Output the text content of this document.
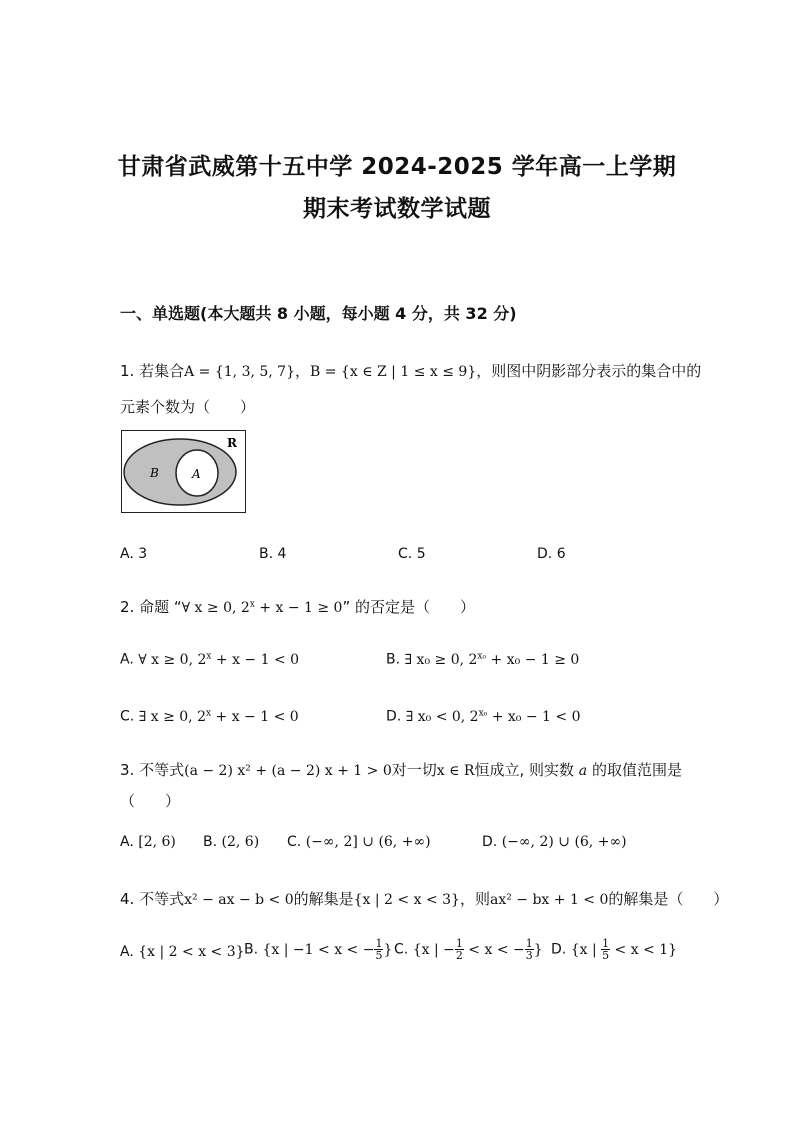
甘肃省武威第十五中学 2024-2025 学年高一上学期
期末考试数学试题
一、单选题(本大题共 8 小题，每小题 4 分，共 32 分)
1. 若集合A = {1, 3, 5, 7}，B = {x ∈ Z | 1 ≤ x ≤ 9}，则图中阴影部分表示的集合中的
元素个数为（　　）
R
B	A
A. 3	B. 4	C. 5	D. 6
2. 命题 “∀ x ≥ 0, $2^x + x - 1 \ge 0$” 的否定是（　　）
A. ∀ x ≥ 0, $2^x + x - 1 < 0$	B. ∃ x₀ ≥ 0, $2^{x_0} + x_0 - 1 \ge 0$
C. ∃ x ≥ 0, $2^x + x - 1 < 0$	D. ∃ x₀ < 0, $2^{x_0} + x_0 - 1 < 0$
3. 不等式(a − 2) x² + (a − 2) x + 1 > 0对一切x ∈ R恒成立, 则实数 a 的取值范围是
（　　）
A. [2, 6) B. (2, 6) C. (−∞, 2] ∪ (6, +∞)	D. (−∞, 2) ∪ (6, +∞)
4. 不等式x² − ax − b < 0的解集是{x | 2 < x < 3}，则ax² − bx + 1 < 0的解集是（　　）
A. {x | 2 < x < 3} B. {x | −1 < x < − $\frac{1}{5}$ } C. {x | − $\frac{1}{2} < x$ < − $\frac{1}{3}$ } D. {x | $\frac{1}{5} < x < 1$}
